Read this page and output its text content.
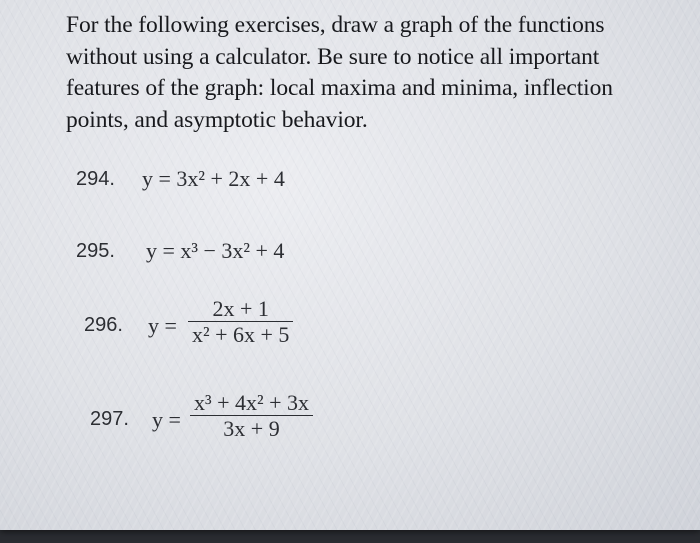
For the following exercises, draw a graph of the functions without using a calculator. Be sure to notice all important features of the graph: local maxima and minima, inflection points, and asymptotic behavior.

294. y = 3x² + 2x + 4
295. y = x³ − 3x² + 4
296. $y = \frac{2x + 1}{\text{x² + 6x + 5}}$
297. $y = \frac{\text{x³ + 4x² + 3x}}{3x + 9}$
